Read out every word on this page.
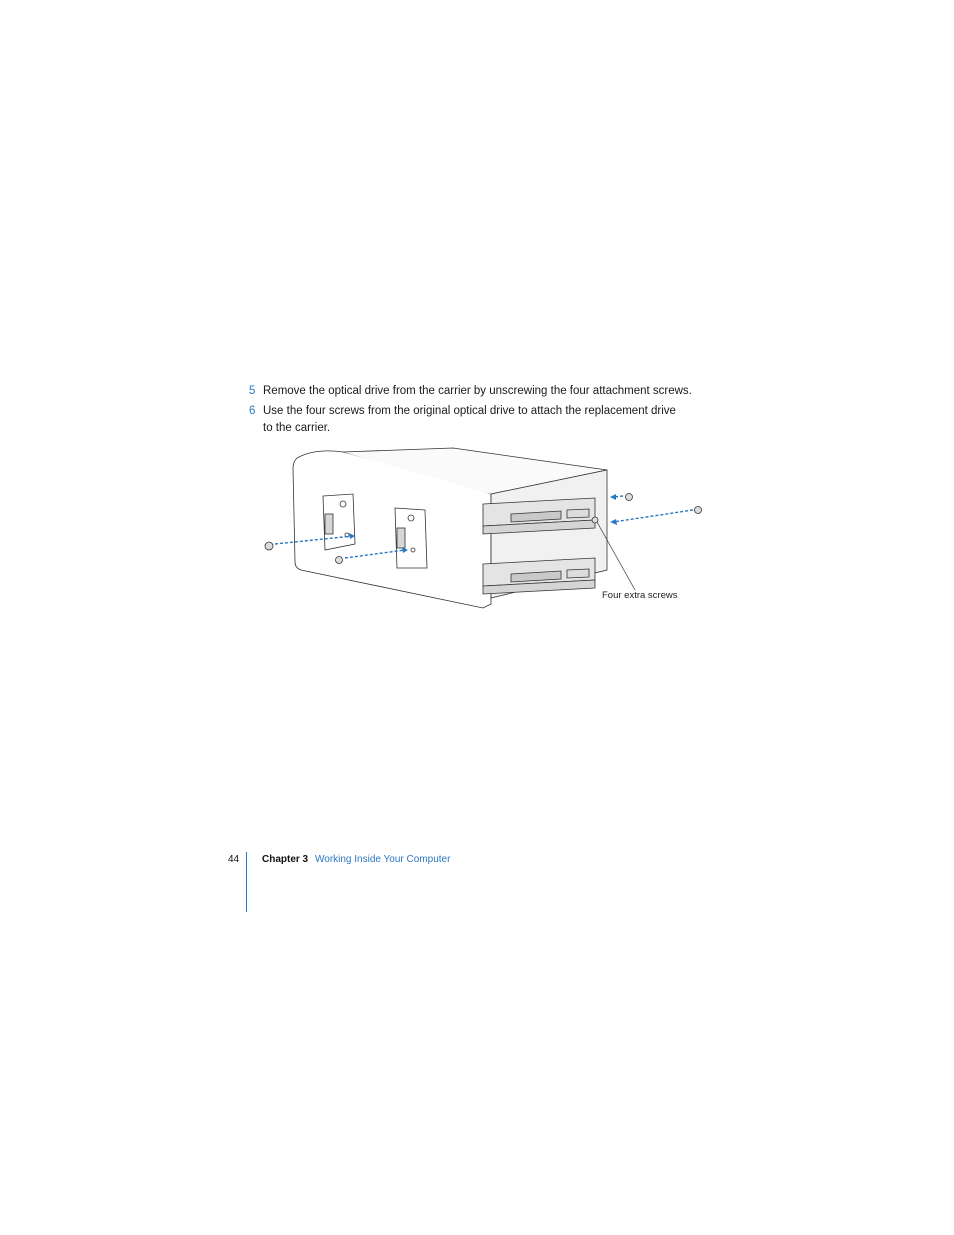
5 Remove the optical drive from the carrier by unscrewing the four attachment screws.
6 Use the four screws from the original optical drive to attach the replacement drive to the carrier.
Four extra screws
44 Chapter 3 Working Inside Your Computer
